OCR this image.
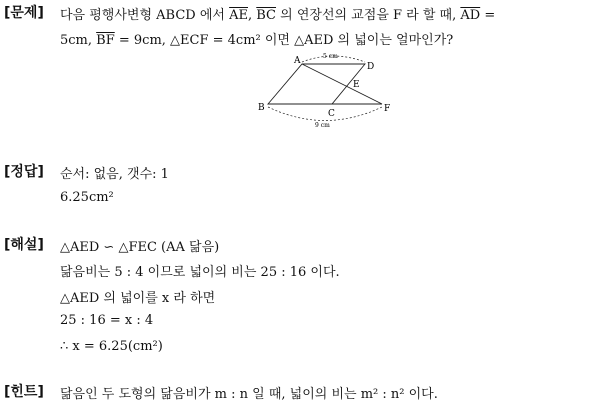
[문제] 다음 평행사변형 ABCD 에서 $\overline{AE}$, $\overline{BC}$ 의 연장선의 교점을 F 라 할 때, $\overline{AD}$ =
5cm, $\overline{BF} = 9cm$, △ECF = 4cm² 이면 △AED 의 넓이는 얼마인가?
A
D
E
B
C	F
5 cm
9 cm
[정답] 순서: 없음, 갯수: 1
6.25cm²
[해설] △AED ∽ △FEC (AA 닮음)
닮음비는 5 : 4 이므로 넓이의 비는 25 : 16 이다.
△AED 의 넓이를 x 라 하면
25 : 16 = x : 4
∴ x = 6.25(cm²)
[힌트] 닮음인 두 도형의 닮음비가 m : n 일 때, 넓이의 비는 m² : n² 이다.
